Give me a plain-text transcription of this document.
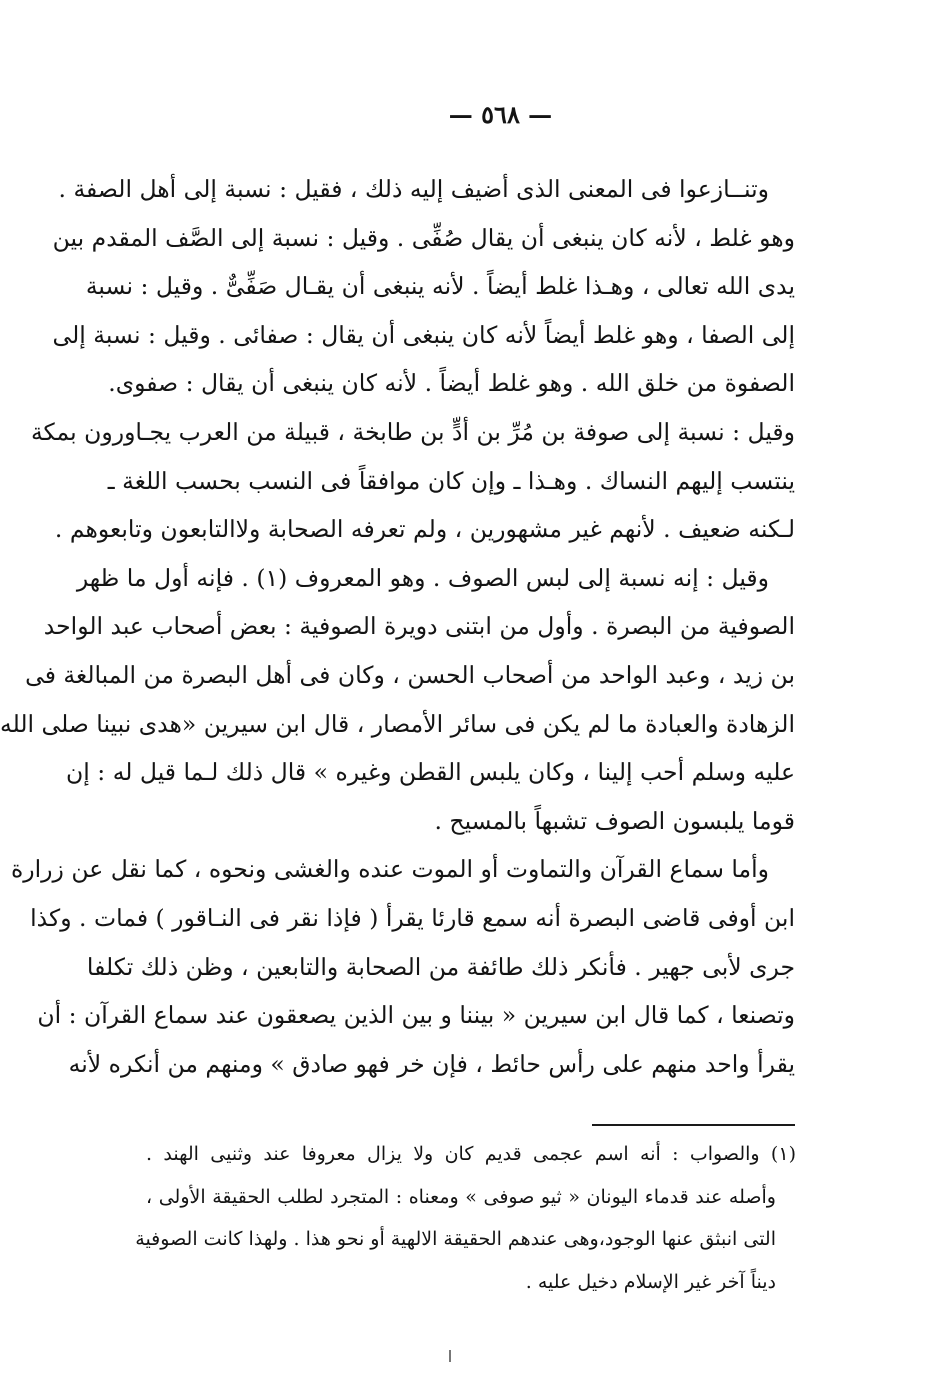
— ٥٦٨ —
وتنــازعوا فى المعنى الذى أضيف إليه ذلك ، فقيل : نسبة إلى أهل الصفة .
وهو غلط ، لأنه كان ينبغى أن يقال صُفِّى . وقيل : نسبة إلى الصَّف المقدم بين
يدى الله تعالى ، وهـذا غلط أيضاً . لأنه ينبغى أن يقـال صَفِّىٌّ . وقيل : نسبة
إلى الصفا ، وهو غلط أيضاً لأنه كان ينبغى أن يقال : صفائى . وقيل : نسبة إلى
الصفوة من خلق الله . وهو غلط أيضاً . لأنه كان ينبغى أن يقال : صفوى.
وقيل : نسبة إلى صوفة بن مُرِّ بن أدٍّ بن طابخة ، قبيلة من العرب يجـاورون بمكة
ينتسب إليهم النساك . وهـذا ـ وإن كان موافقاً فى النسب بحسب اللغة ـ
لـكنه ضعيف . لأنهم غير مشهورين ، ولم تعرفه الصحابة ولاالتابعون وتابعوهم .
وقيل : إنه نسبة إلى لبس الصوف . وهو المعروف (١) . فإنه أول ما ظهر
الصوفية من البصرة . وأول من ابتنى دويرة الصوفية : بعض أصحاب عبد الواحد
بن زيد ، وعبد الواحد من أصحاب الحسن ، وكان فى أهل البصرة من المبالغة فى
الزهادة والعبادة ما لم يكن فى سائر الأمصار ، قال ابن سيرين «هدى نبينا صلى الله
عليه وسلم أحب إلينا ، وكان يلبس القطن وغيره » قال ذلك لـما قيل له : إن
قوما يلبسون الصوف تشبهاً بالمسيح .
وأما سماع القرآن والتماوت أو الموت عنده والغشى ونحوه ، كما نقل عن زرارة
ابن أوفى قاضى البصرة أنه سمع قارئا يقرأ ( فإذا نقر فى النـاقور ) فمات . وكذا
جرى لأبى جهير . فأنكر ذلك طائفة من الصحابة والتابعين ، وظن ذلك تكلفا
وتصنعا ، كما قال ابن سيرين « بيننا و بين الذين يصعقون عند سماع القرآن : أن
يقرأ واحد منهم على رأس حائط ، فإن خر فهو صادق » ومنهم من أنكره لأنه
(١) والصواب : أنه اسم عجمى قديم كان ولا يزال معروفا عند وثنيى الهند .
وأصله عند قدماء اليونان « ثيو صوفى » ومعناه : المتجرد لطلب الحقيقة الأولى ،
التى انبثق عنها الوجود،وهى عندهم الحقيقة الالهية أو نحو هذا . ولهذا كانت الصوفية
ديناً آخر غير الإسلام دخيل عليه .
